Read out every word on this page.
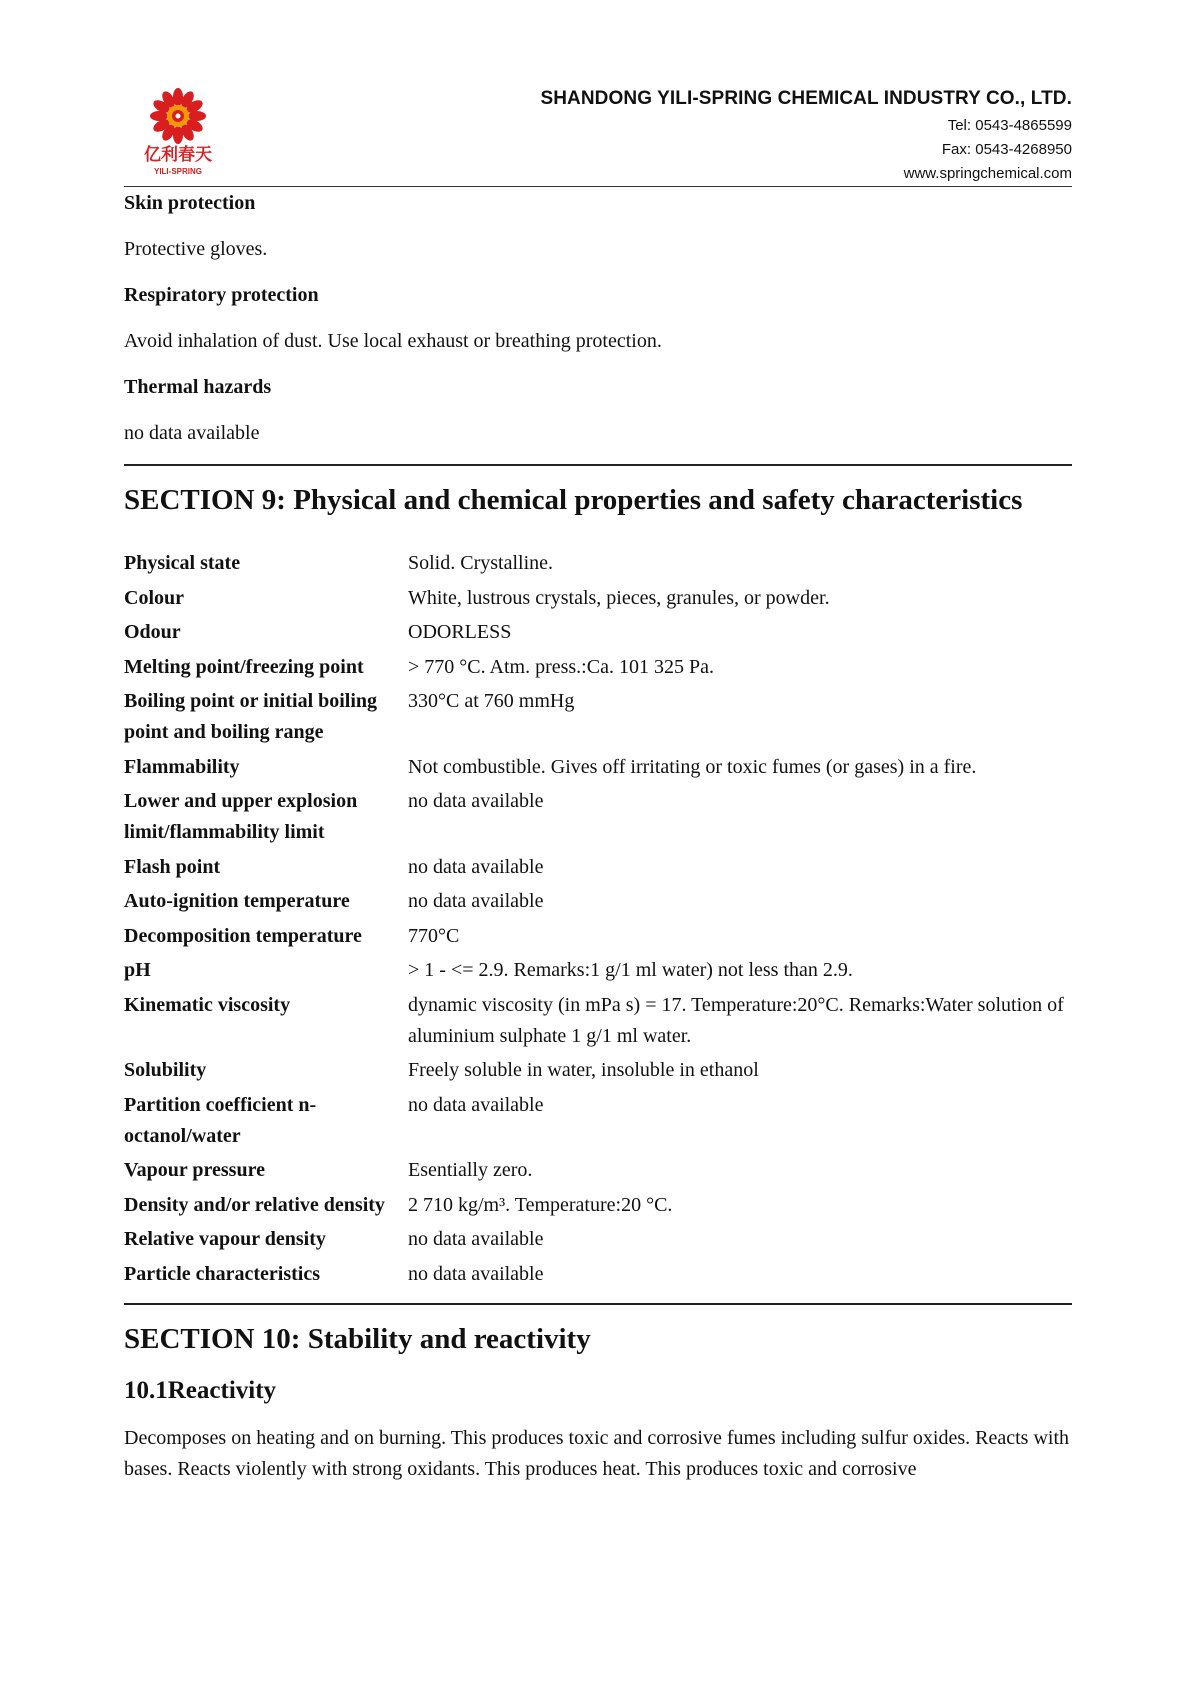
亿利春天
YILI-SPRING
SHANDONG YILI-SPRING CHEMICAL INDUSTRY CO., LTD.
Tel: 0543-4865599
Fax: 0543-4268950
www.springchemical.com

Skin protection

Protective gloves.

Respiratory protection

Avoid inhalation of dust. Use local exhaust or breathing protection.

Thermal hazards

no data available

SECTION 9: Physical and chemical properties and safety characteristics
Physical state	Solid. Crystalline.
Colour	White, lustrous crystals, pieces, granules, or powder.
Odour	ODORLESS
Melting point/freezing point	> 770 °C. Atm. press.:Ca. 101 325 Pa.
Boiling point or initial boiling point and boiling range	330°C at 760 mmHg
Flammability	Not combustible. Gives off irritating or toxic fumes (or gases) in a fire.
Lower and upper explosion limit/flammability limit	no data available
Flash point	no data available
Auto-ignition temperature	no data available
Decomposition temperature	770°C
pH	> 1 - <= 2.9. Remarks:1 g/1 ml water) not less than 2.9.
Kinematic viscosity	dynamic viscosity (in mPa s) = 17. Temperature:20°C. Remarks:Water solution of aluminium sulphate 1 g/1 ml water.
Solubility	Freely soluble in water, insoluble in ethanol
Partition coefficient n-octanol/water	no data available
Vapour pressure	Esentially zero.
Density and/or relative density	2 710 kg/m³. Temperature:20 °C.
Relative vapour density	no data available
Particle characteristics	no data available
SECTION 10: Stability and reactivity
10.1Reactivity

Decomposes on heating and on burning. This produces toxic and corrosive fumes including sulfur oxides. Reacts with bases. Reacts violently with strong oxidants. This produces heat. This produces toxic and corrosive
